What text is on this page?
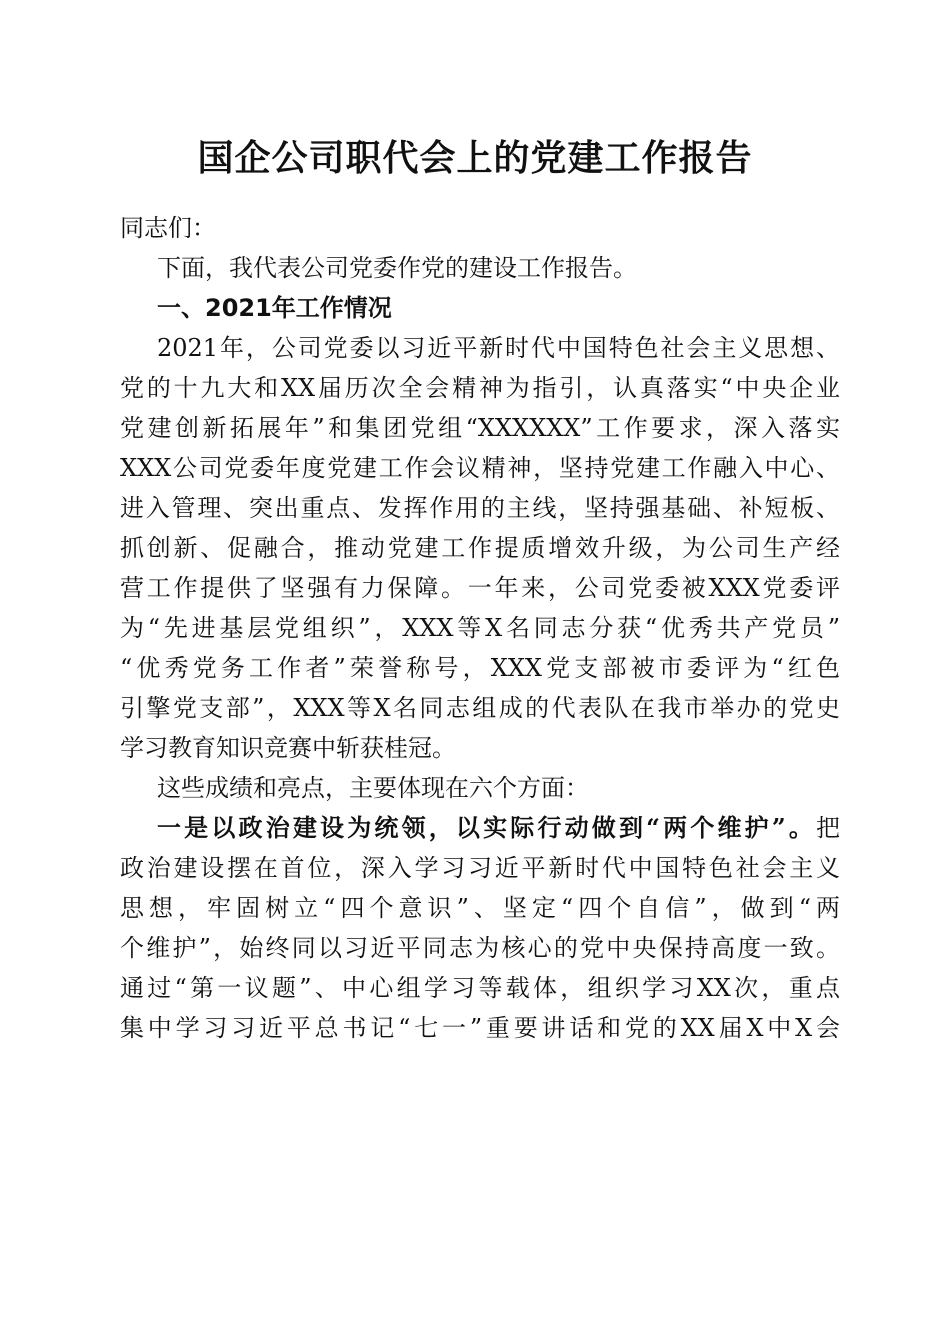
国企公司职代会上的党建工作报告
同志们：
下面，我代表公司党委作党的建设工作报告。
一、2021年工作情况
2021年，公司党委以习近平新时代中国特色社会主义思想、
党的十九大和XX届历次全会精神为指引，认真落实“中央企业
党建创新拓展年”和集团党组“XXXXXX”工作要求，深入落实
XXX公司党委年度党建工作会议精神，坚持党建工作融入中心、
进入管理、突出重点、发挥作用的主线，坚持强基础、补短板、
抓创新、促融合，推动党建工作提质增效升级，为公司生产经
营工作提供了坚强有力保障。一年来，公司党委被XXX党委评
为“先进基层党组织”，XXX等X名同志分获“优秀共产党员”
“优秀党务工作者”荣誉称号，XXX党支部被市委评为“红色
引擎党支部”，XXX等X名同志组成的代表队在我市举办的党史
学习教育知识竞赛中斩获桂冠。
这些成绩和亮点，主要体现在六个方面：
一是以政治建设为统领，以实际行动做到“两个维护”。把
政治建设摆在首位，深入学习习近平新时代中国特色社会主义
思想，牢固树立“四个意识”、坚定“四个自信”，做到“两
个维护”，始终同以习近平同志为核心的党中央保持高度一致。
通过“第一议题”、中心组学习等载体，组织学习XX次，重点
集中学习习近平总书记“七一”重要讲话和党的XX届X中X会
